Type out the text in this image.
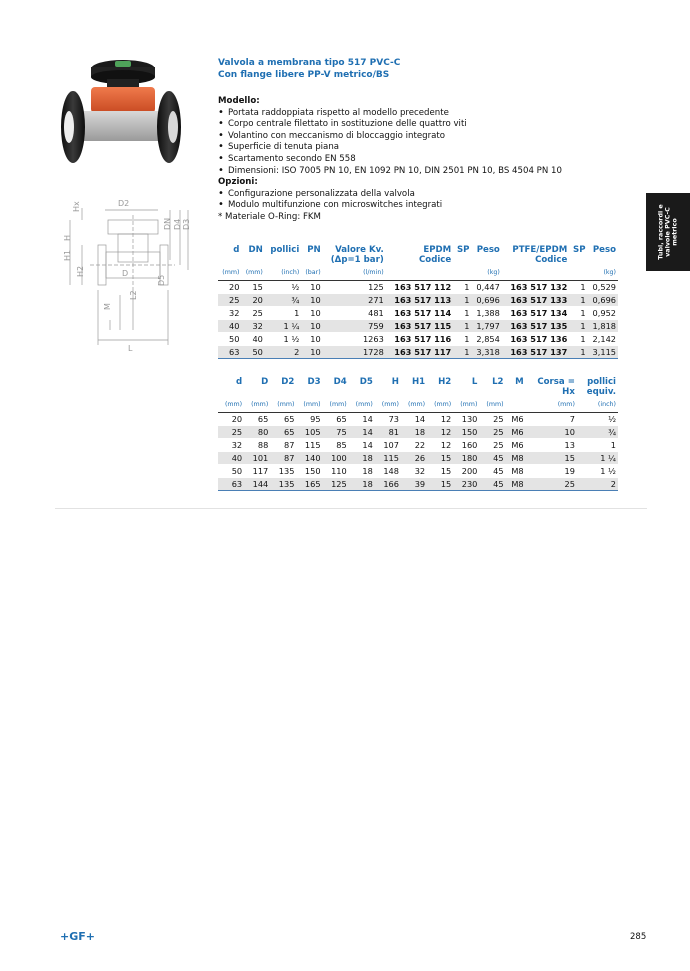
Hx	D2
DN D4 D3
H
H1
H2	D
D5
L2
M
L
Valvola a membrana tipo 517 PVC-C
Con flange libere PP-V metrico/BS
Modello:
• Portata raddoppiata rispetto al modello precedente
• Corpo centrale filettato in sostituzione delle quattro viti
• Volantino con meccanismo di bloccaggio integrato
• Superficie di tenuta piana
• Scartamento secondo EN 558
• Dimensioni: ISO 7005 PN 10, EN 1092 PN 10, DIN 2501 PN 10, BS 4504 PN 10
Opzioni:
• Configurazione personalizzata della valvola
• Modulo multifunzione con microswitches integrati
* Materiale O-Ring: FKM
d	DN	pollici	PN	Valore Kv.	EPDM	SP	Peso	PTFE/EPDM	SP	Peso
				(Δp=1 bar)	Codice			Codice		
(mm)	(mm)	(inch)	(bar)	(l/min)			(kg)			(kg)
20	15	½	10	125	163 517 112	1	0,447	163 517 132	1	0,529
25	20	¾	10	271	163 517 113	1	0,696	163 517 133	1	0,696
32	25	1	10	481	163 517 114	1	1,388	163 517 134	1	0,952
40	32	1 ¼	10	759	163 517 115	1	1,797	163 517 135	1	1,818
50	40	1 ½	10	1263	163 517 116	1	2,854	163 517 136	1	2,142
63	50	2	10	1728	163 517 117	1	3,318	163 517 137	1	3,115
d	D	D2	D3	D4	D5	H	H1	H2	L	L2	M	Corsa =	pollici
												Hx	equiv.
(mm)	(mm)	(mm)	(mm)	(mm)	(mm)	(mm)	(mm)	(mm)	(mm)	(mm)		(mm)	(inch)
20	65	65	95	65	14	73	14	12	130	25	M6	7	½
25	80	65	105	75	14	81	18	12	150	25	M6	10	¾
32	88	87	115	85	14	107	22	12	160	25	M6	13	1
40	101	87	140	100	18	115	26	15	180	45	M8	15	1 ¼
50	117	135	150	110	18	148	32	15	200	45	M8	19	1 ½
63	144	135	165	125	18	166	39	15	230	45	M8	25	2
Tubi, raccordi e valvole PVC-C metrico
+GF+	285
